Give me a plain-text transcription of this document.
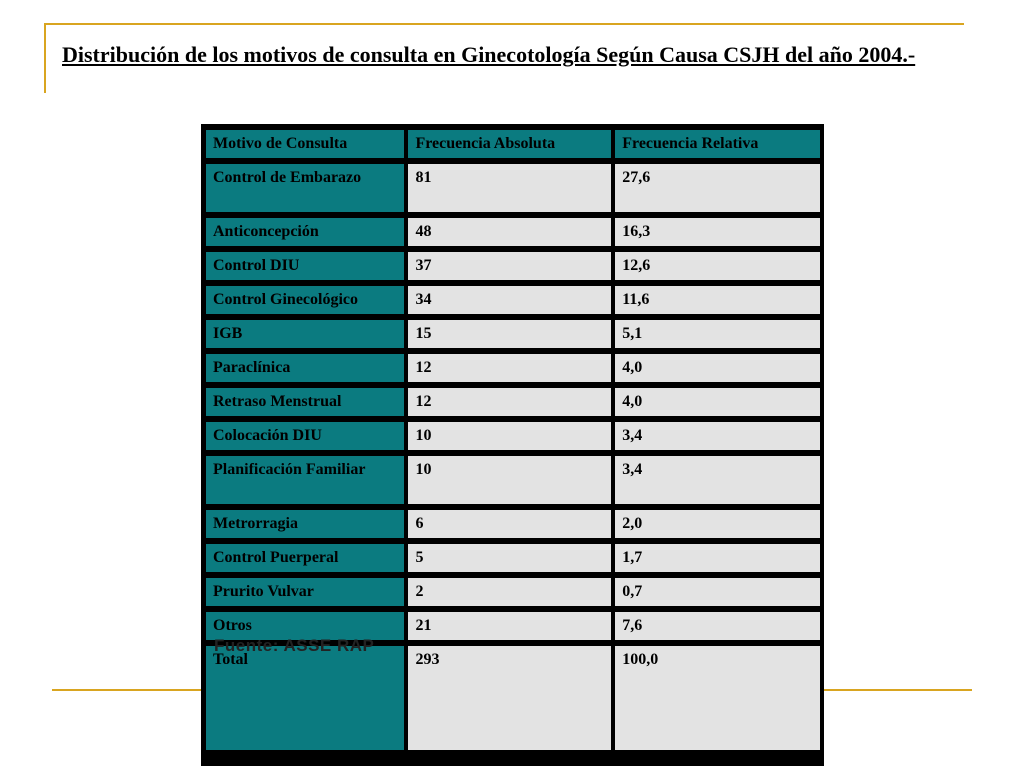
Distribución de los motivos de consulta en Ginecotología Según Causa CSJH del año 2004.-
Motivo de Consulta	Frecuencia Absoluta	Frecuencia Relativa
Control de Embarazo	81	27,6
Anticoncepción	48	16,3
Control DIU	37	12,6
Control Ginecológico	34	11,6
IGB	15	5,1
Paraclínica	12	4,0
Retraso Menstrual	12	4,0
Colocación DIU	10	3,4
Planificación Familiar	10	3,4
Metrorragia	6	2,0
Control Puerperal	5	1,7
Prurito Vulvar	2	0,7
Otros	21	7,6
Total	293	100,0
Fuente: ASSE RAP
